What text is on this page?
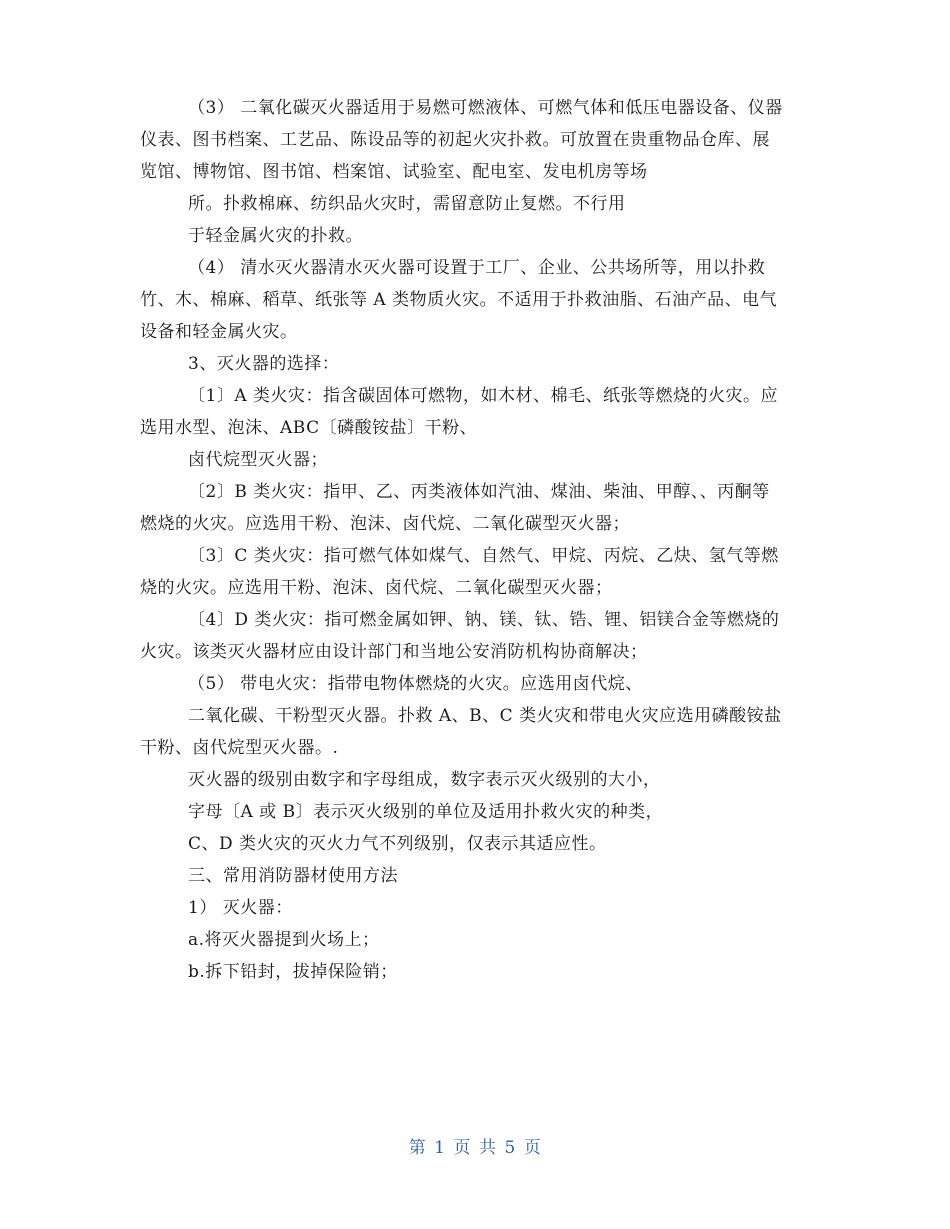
（3） 二氧化碳灭火器适用于易燃可燃液体、可燃气体和低压电器设备、仪器
仪表、图书档案、工艺品、陈设品等的初起火灾扑救。可放置在贵重物品仓库、展
览馆、博物馆、图书馆、档案馆、试验室、配电室、发电机房等场
所。扑救棉麻、纺织品火灾时，需留意防止复燃。不行用
于轻金属火灾的扑救。
（4） 清水灭火器清水灭火器可设置于工厂、企业、公共场所等，用以扑救
竹、木、棉麻、稻草、纸张等 A 类物质火灾。不适用于扑救油脂、石油产品、电气
设备和轻金属火灾。
3、灭火器的选择：
〔1〕A 类火灾：指含碳固体可燃物，如木材、棉毛、纸张等燃烧的火灾。应
选用水型、泡沫、ABC〔磷酸铵盐〕干粉、
卤代烷型灭火器；
〔2〕B 类火灾：指甲、乙、丙类液体如汽油、煤油、柴油、甲醇、、丙酮等
燃烧的火灾。应选用干粉、泡沫、卤代烷、二氧化碳型灭火器；
〔3〕C 类火灾：指可燃气体如煤气、自然气、甲烷、丙烷、乙炔、氢气等燃
烧的火灾。应选用干粉、泡沫、卤代烷、二氧化碳型灭火器；
〔4〕D 类火灾：指可燃金属如钾、钠、镁、钛、锆、锂、铝镁合金等燃烧的
火灾。该类灭火器材应由设计部门和当地公安消防机构协商解决；
（5） 带电火灾：指带电物体燃烧的火灾。应选用卤代烷、
二氧化碳、干粉型灭火器。扑救 A、B、C 类火灾和带电火灾应选用磷酸铵盐
干粉、卤代烷型灭火器。.
灭火器的级别由数字和字母组成，数字表示灭火级别的大小，
字母〔A 或 B〕表示灭火级别的单位及适用扑救火灾的种类，
C、D 类火灾的灭火力气不列级别，仅表示其适应性。
三、常用消防器材使用方法
1） 灭火器：
a.将灭火器提到火场上；
b.拆下铅封，拔掉保险销；
第 1 页 共 5 页
